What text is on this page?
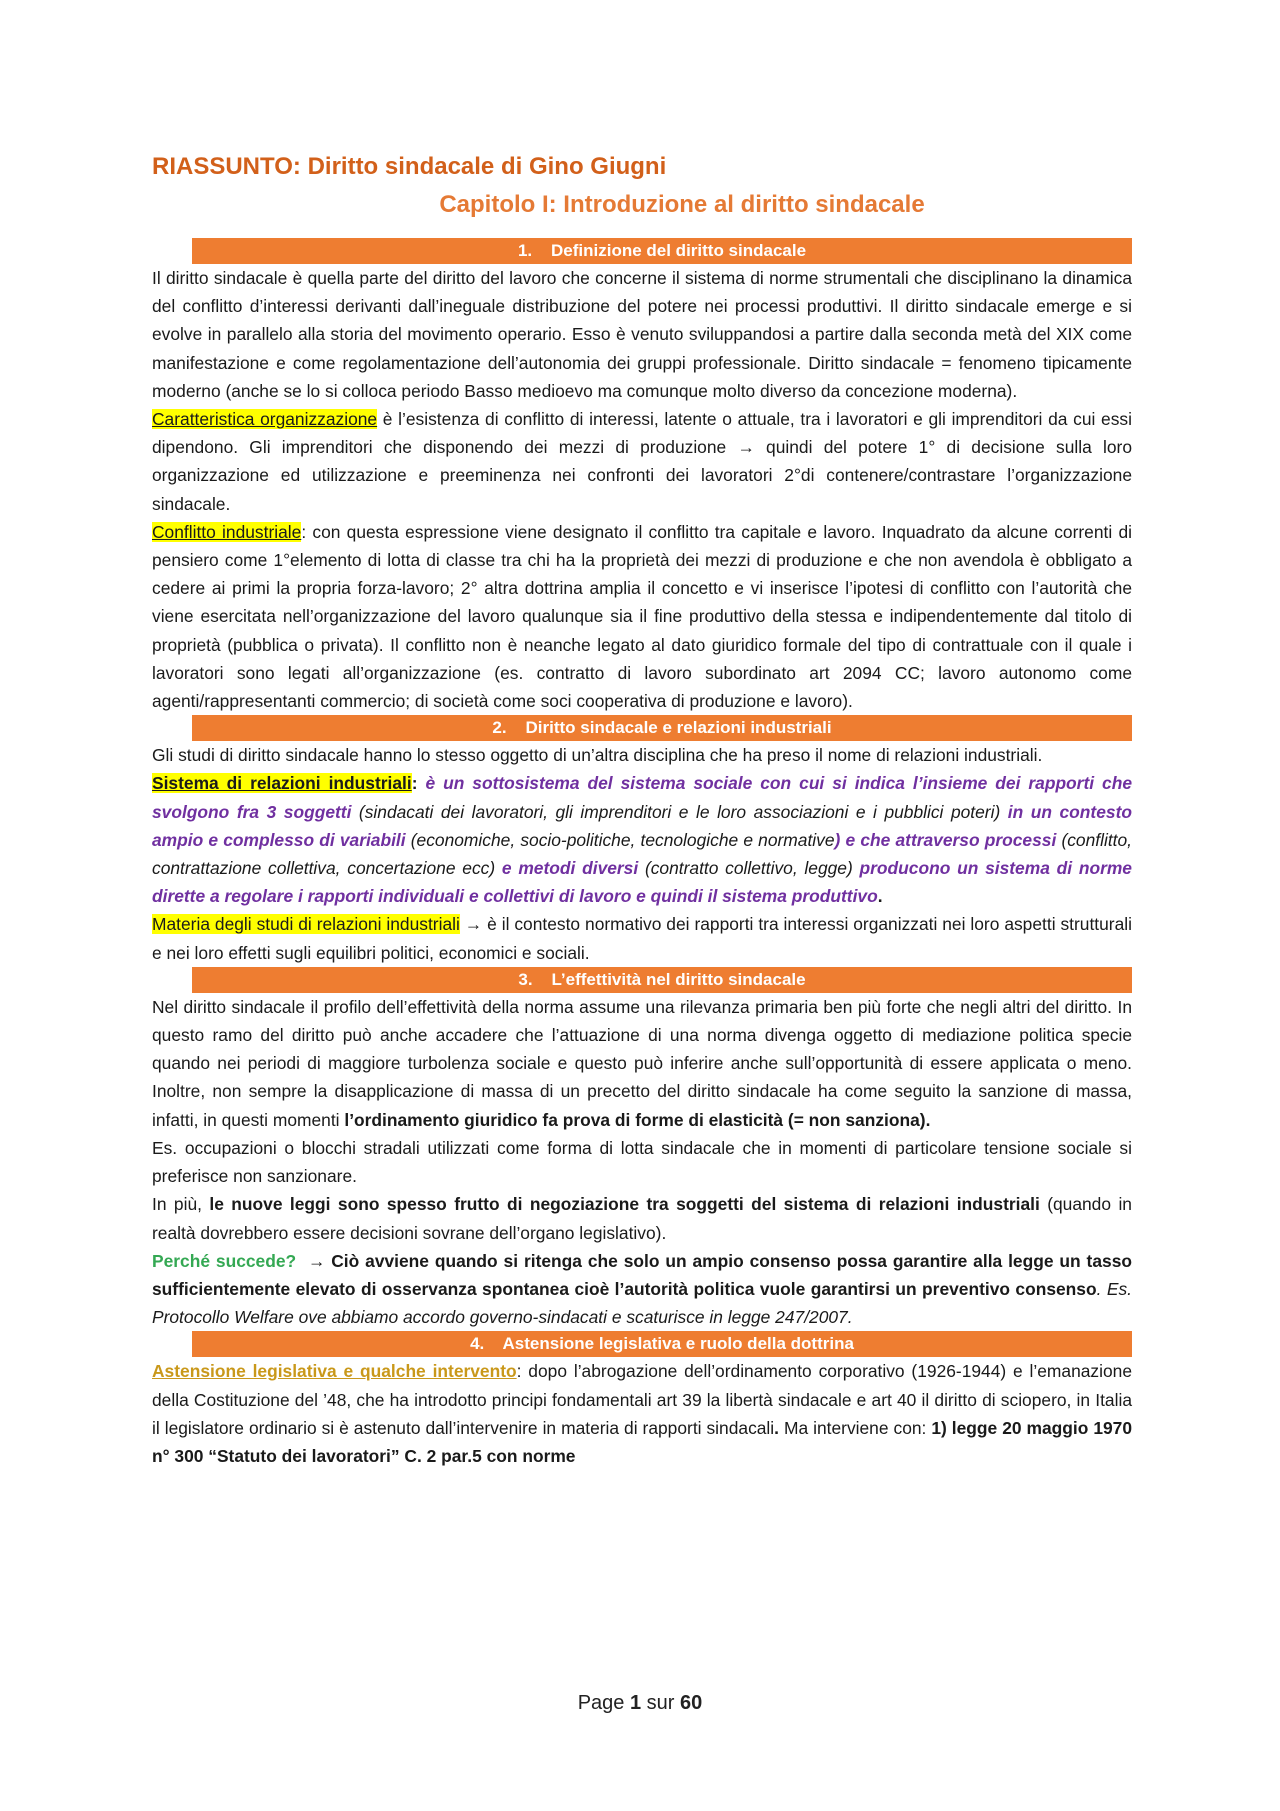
RIASSUNTO: Diritto sindacale di Gino Giugni
Capitolo I: Introduzione al diritto sindacale
1.    Definizione del diritto sindacale

Il diritto sindacale è quella parte del diritto del lavoro che concerne il sistema di norme strumentali che disciplinano la dinamica del conflitto d’interessi derivanti dall’ineguale distribuzione del potere nei processi produttivi. Il diritto sindacale emerge e si evolve in parallelo alla storia del movimento operario. Esso è venuto sviluppandosi a partire dalla seconda metà del XIX come manifestazione e come regolamentazione dell’autonomia dei gruppi professionale. Diritto sindacale = fenomeno tipicamente moderno (anche se lo si colloca periodo Basso medioevo ma comunque molto diverso da concezione moderna).

Caratteristica organizzazione è l’esistenza di conflitto di interessi, latente o attuale, tra i lavoratori e gli imprenditori da cui essi dipendono. Gli imprenditori che disponendo dei mezzi di produzione → quindi del potere 1° di decisione sulla loro organizzazione ed utilizzazione e preeminenza nei confronti dei lavoratori 2°di contenere/contrastare l’organizzazione sindacale.

Conflitto industriale: con questa espressione viene designato il conflitto tra capitale e lavoro. Inquadrato da alcune correnti di pensiero come 1°elemento di lotta di classe tra chi ha la proprietà dei mezzi di produzione e che non avendola è obbligato a cedere ai primi la propria forza-lavoro; 2° altra dottrina amplia il concetto e vi inserisce l’ipotesi di conflitto con l’autorità che viene esercitata nell’organizzazione del lavoro qualunque sia il fine produttivo della stessa e indipendentemente dal titolo di proprietà (pubblica o privata). Il conflitto non è neanche legato al dato giuridico formale del tipo di contrattuale con il quale i lavoratori sono legati all’organizzazione (es. contratto di lavoro subordinato art 2094 CC; lavoro autonomo come agenti/rappresentanti commercio; di società come soci cooperativa di produzione e lavoro).

2.    Diritto sindacale e relazioni industriali

Gli studi di diritto sindacale hanno lo stesso oggetto di un’altra disciplina che ha preso il nome di relazioni industriali.

Sistema di relazioni industriali: è un sottosistema del sistema sociale con cui si indica l’insieme dei rapporti che svolgono fra 3 soggetti (sindacati dei lavoratori, gli imprenditori e le loro associazioni e i pubblici poteri) in un contesto ampio e complesso di variabili (economiche, socio-politiche, tecnologiche e normative) e che attraverso processi (conflitto, contrattazione collettiva, concertazione ecc) e metodi diversi (contratto collettivo, legge) producono un sistema di norme dirette a regolare i rapporti individuali e collettivi di lavoro e quindi il sistema produttivo.

Materia degli studi di relazioni industriali → è il contesto normativo dei rapporti tra interessi organizzati nei loro aspetti strutturali e nei loro effetti sugli equilibri politici, economici e sociali.

3.    L’effettività nel diritto sindacale

Nel diritto sindacale il profilo dell’effettività della norma assume una rilevanza primaria ben più forte che negli altri del diritto. In questo ramo del diritto può anche accadere che l’attuazione di una norma divenga oggetto di mediazione politica specie quando nei periodi di maggiore turbolenza sociale e questo può inferire anche sull’opportunità di essere applicata o meno. Inoltre, non sempre la disapplicazione di massa di un precetto del diritto sindacale ha come seguito la sanzione di massa, infatti, in questi momenti l’ordinamento giuridico fa prova di forme di elasticità (= non sanziona).

Es. occupazioni o blocchi stradali utilizzati come forma di lotta sindacale che in momenti di particolare tensione sociale si preferisce non sanzionare.

In più, le nuove leggi sono spesso frutto di negoziazione tra soggetti del sistema di relazioni industriali (quando in realtà dovrebbero essere decisioni sovrane dell’organo legislativo).

Perché succede? → Ciò avviene quando si ritenga che solo un ampio consenso possa garantire alla legge un tasso sufficientemente elevato di osservanza spontanea cioè l’autorità politica vuole garantirsi un preventivo consenso. Es. Protocollo Welfare ove abbiamo accordo governo-sindacati e scaturisce in legge 247/2007.

4.    Astensione legislativa e ruolo della dottrina

Astensione legislativa e qualche intervento: dopo l’abrogazione dell’ordinamento corporativo (1926-1944) e l’emanazione della Costituzione del ’48, che ha introdotto principi fondamentali art 39 la libertà sindacale e art 40 il diritto di sciopero, in Italia il legislatore ordinario si è astenuto dall’intervenire in materia di rapporti sindacali. Ma interviene con: 1) legge 20 maggio 1970 n° 300 “Statuto dei lavoratori” C. 2 par.5 con norme

Page 1 sur 60
